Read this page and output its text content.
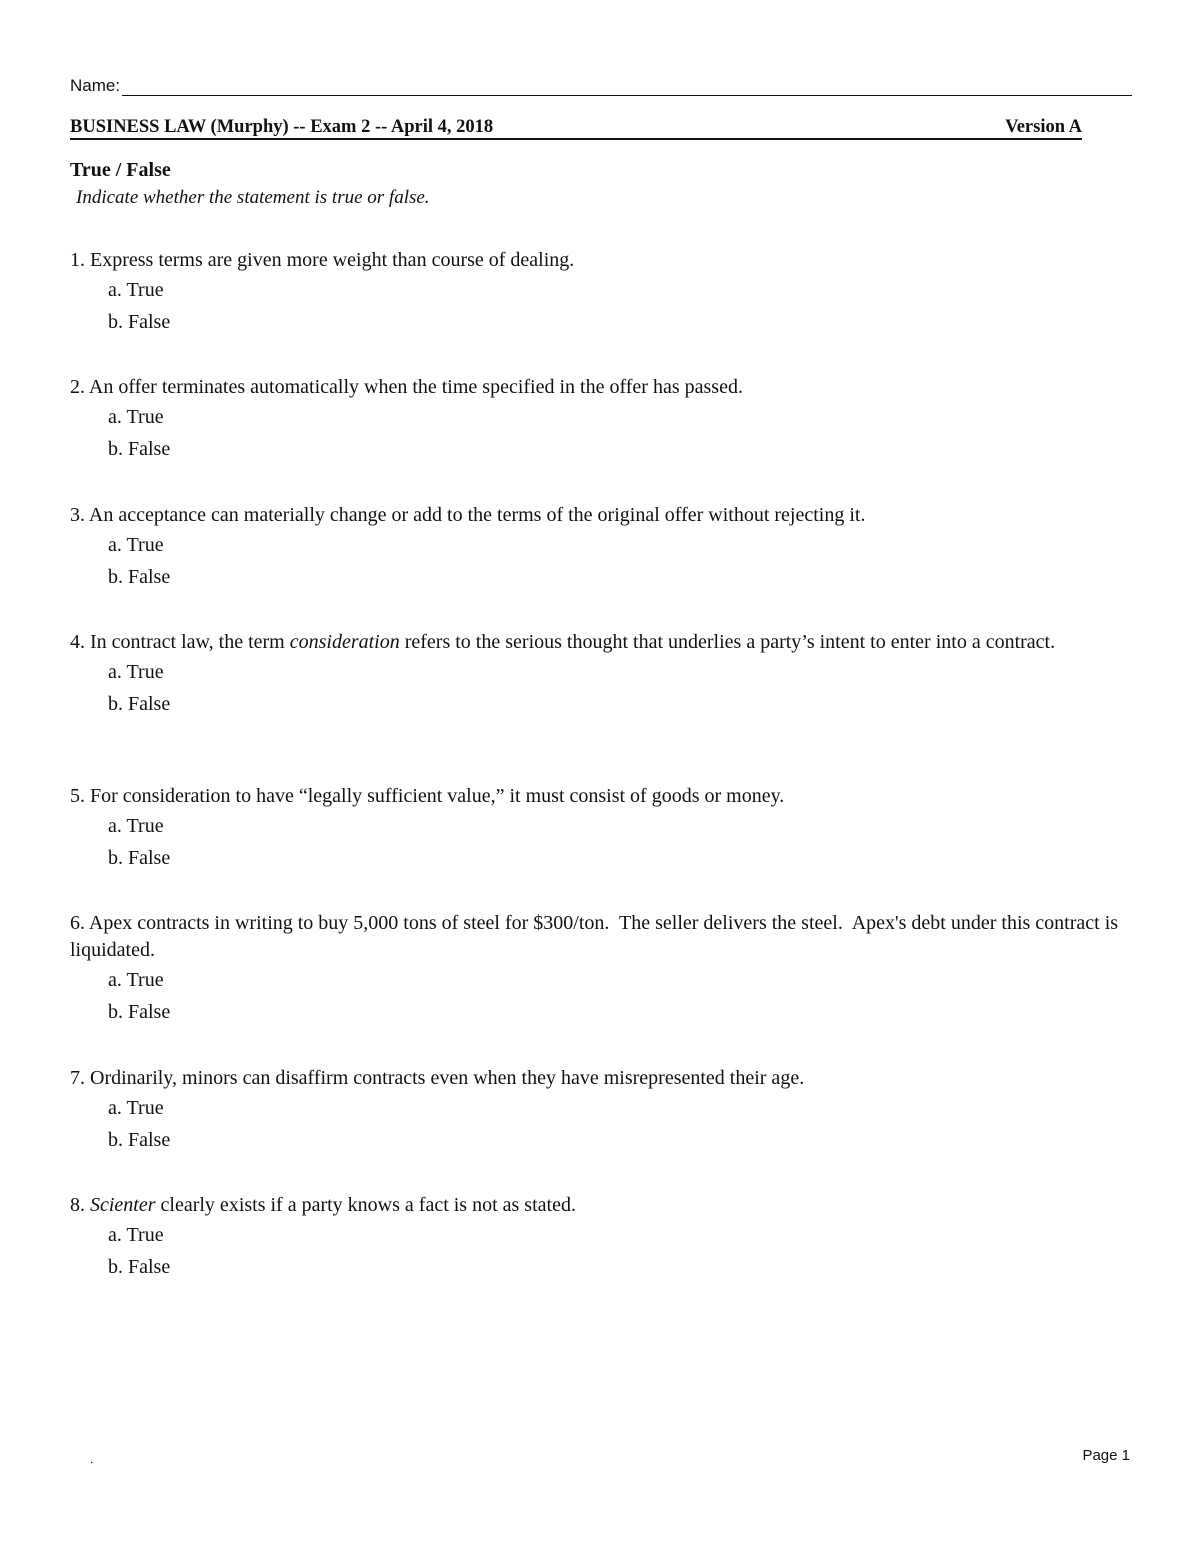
Name:
BUSINESS LAW (Murphy) -- Exam 2 -- April 4, 2018	Version A
True / False
Indicate whether the statement is true or false.

1. Express terms are given more weight than course of dealing.

a. True
b. False

2. An offer terminates automatically when the time specified in the offer has passed.

a. True
b. False

3. An acceptance can materially change or add to the terms of the original offer without rejecting it.

a. True
b. False

4. In contract law, the term consideration refers to the serious thought that underlies a party’s intent to enter into a contract.

a. True
b. False

5. For consideration to have “legally sufficient value,” it must consist of goods or money.

a. True
b. False

6. Apex contracts in writing to buy 5,000 tons of steel for $300/ton.  The seller delivers the steel.  Apex's debt under this contract is liquidated.

a. True
b. False

7. Ordinarily, minors can disaffirm contracts even when they have misrepresented their age.

a. True
b. False

8. Scienter clearly exists if a party knows a fact is not as stated.

a. True
b. False
.	Page 1
